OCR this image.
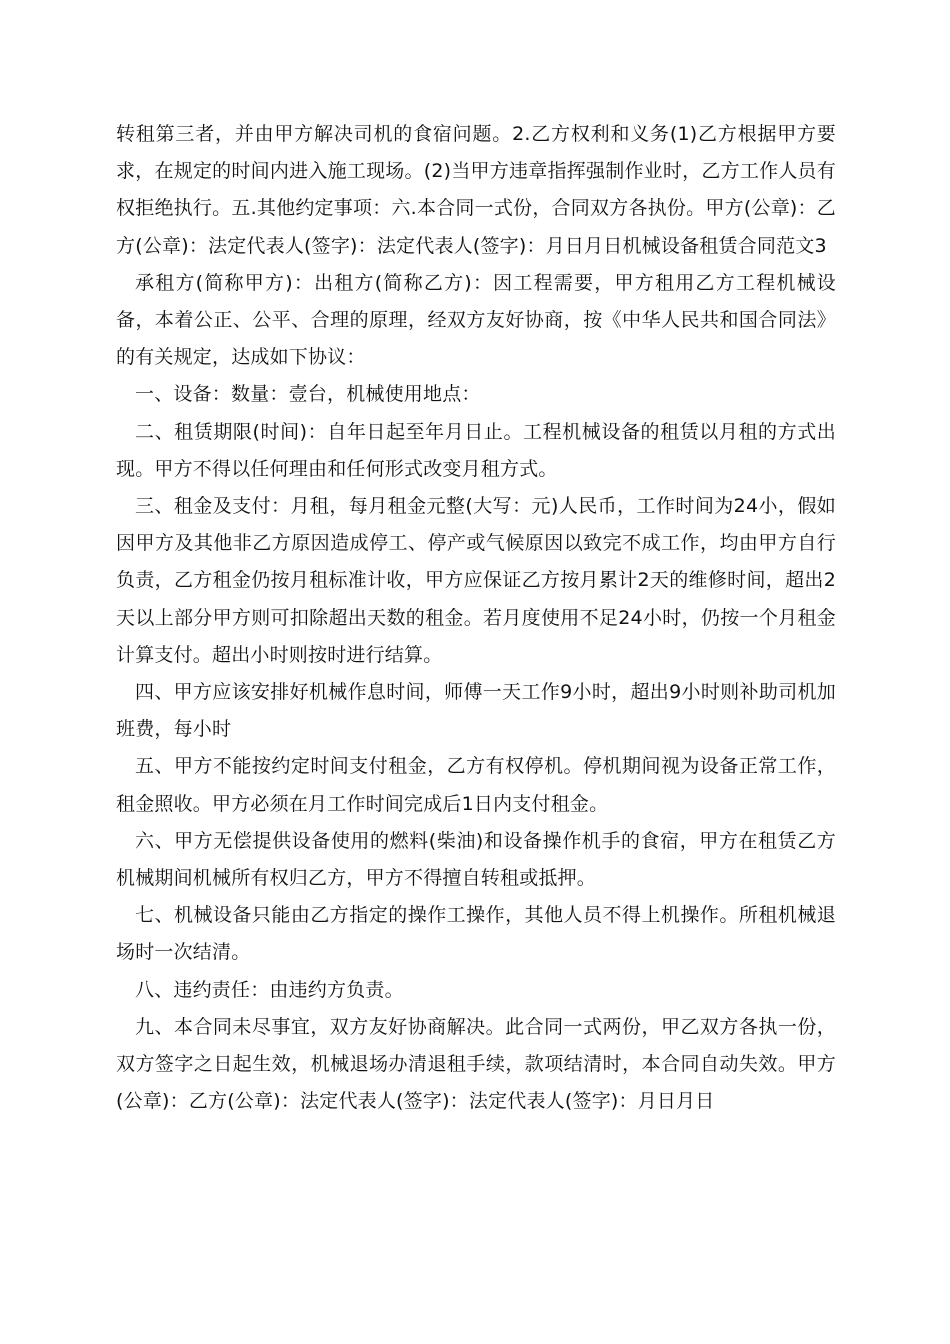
转租第三者，并由甲方解决司机的食宿问题。2.乙方权利和义务(1)乙方根据甲方要求，在规定的时间内进入施工现场。(2)当甲方违章指挥强制作业时，乙方工作人员有权拒绝执行。五.其他约定事项：六.本合同一式份，合同双方各执份。甲方(公章)：乙方(公章)：法定代表人(签字)：法定代表人(签字)：月日月日机械设备租赁合同范文3

承租方(简称甲方)：出租方(简称乙方)：因工程需要，甲方租用乙方工程机械设备，本着公正、公平、合理的原理，经双方友好协商，按《中华人民共和国合同法》的有关规定，达成如下协议：

一、设备：数量：壹台，机械使用地点：

二、租赁期限(时间)：自年日起至年月日止。工程机械设备的租赁以月租的方式出现。甲方不得以任何理由和任何形式改变月租方式。

三、租金及支付：月租，每月租金元整(大写：元)人民币，工作时间为24小，假如因甲方及其他非乙方原因造成停工、停产或气候原因以致完不成工作，均由甲方自行负责，乙方租金仍按月租标准计收，甲方应保证乙方按月累计2天的维修时间，超出2天以上部分甲方则可扣除超出天数的租金。若月度使用不足24小时，仍按一个月租金计算支付。超出小时则按时进行结算。

四、甲方应该安排好机械作息时间，师傅一天工作9小时，超出9小时则补助司机加班费，每小时

五、甲方不能按约定时间支付租金，乙方有权停机。停机期间视为设备正常工作，租金照收。甲方必须在月工作时间完成后1日内支付租金。

六、甲方无偿提供设备使用的燃料(柴油)和设备操作机手的食宿，甲方在租赁乙方机械期间机械所有权归乙方，甲方不得擅自转租或抵押。

七、机械设备只能由乙方指定的操作工操作，其他人员不得上机操作。所租机械退场时一次结清。

八、违约责任：由违约方负责。

九、本合同未尽事宜，双方友好协商解决。此合同一式两份，甲乙双方各执一份，双方签字之日起生效，机械退场办清退租手续，款项结清时，本合同自动失效。甲方(公章)：乙方(公章)：法定代表人(签字)：法定代表人(签字)：月日月日
